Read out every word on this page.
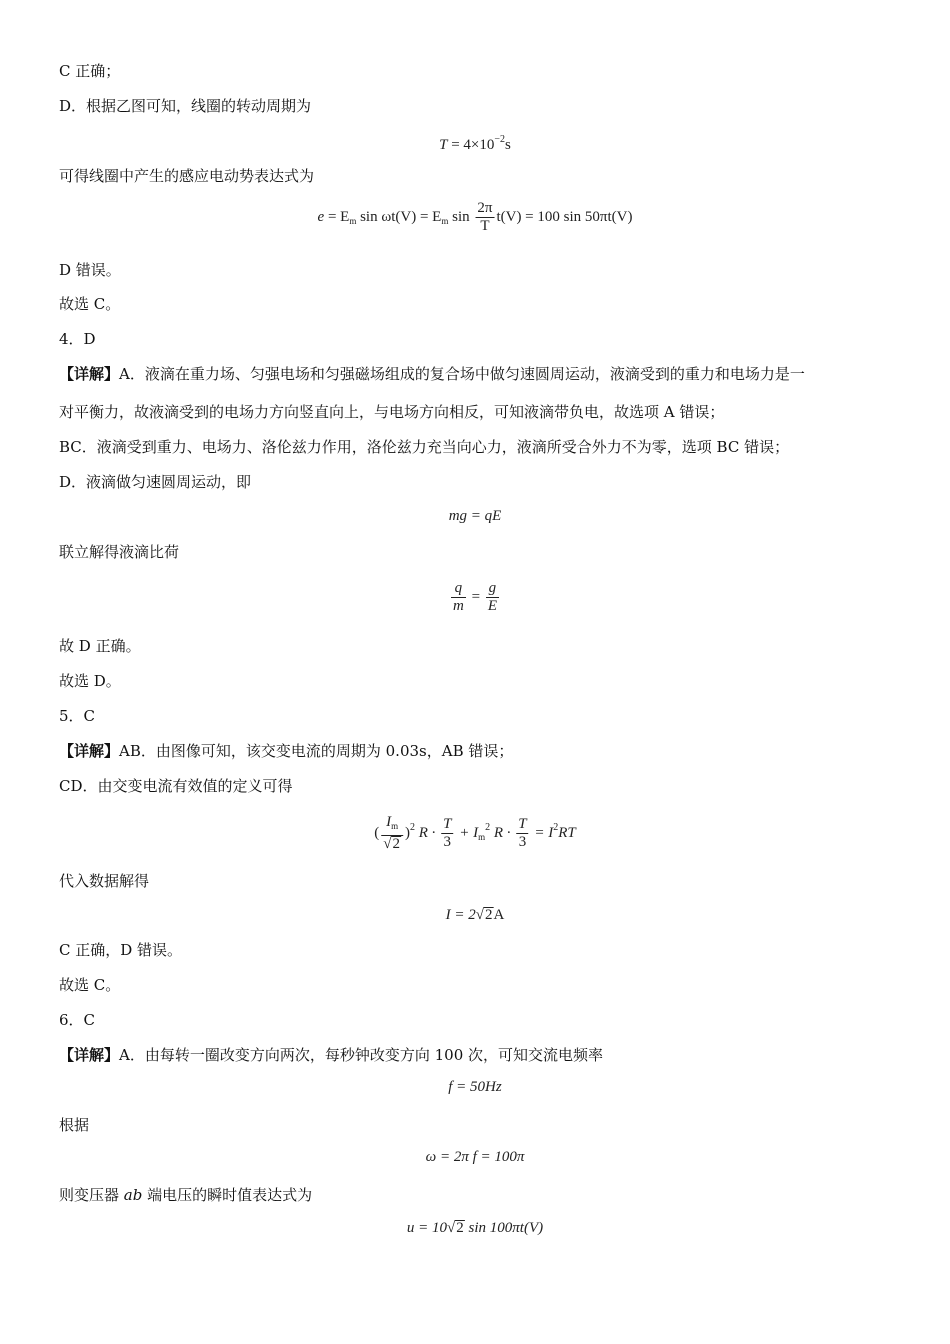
C 正确；
D．根据乙图可知，线圈的转动周期为
$T = 4\times 10^{-2}s$
可得线圈中产生的感应电动势表达式为
$e = E_m$ $\sin \omega t(V) = E_m$ $\sin \frac{2\pi}{T} t(V) = 100$ sin 50πt(V)
D 错误。
故选 C。
4．D
【详解】A．液滴在重力场、匀强电场和匀强磁场组成的复合场中做匀速圆周运动，液滴受到的重力和电场力是一
对平衡力，故液滴受到的电场力方向竖直向上，与电场方向相反，可知液滴带负电，故选项 A 错误；
BC．液滴受到重力、电场力、洛伦兹力作用，洛伦兹力充当向心力，液滴所受合外力不为零，选项 BC 错误；
D．液滴做匀速圆周运动，即
mg = qE
联立解得液滴比荷
$\frac{q}{m} = \frac{g}{E}$
故 D 正确。
故选 D。
5．C
【详解】AB．由图像可知，该交变电流的周期为 0.03s，AB 错误；
CD．由交变电流有效值的定义可得
( $\frac{I_m}{√2} )^2$ $R \cdot \frac{T}{3} + I_m^2$ $R \cdot \frac{T}{3} = I^2RT$
代入数据解得
I = 2√2A
C 正确，D 错误。
故选 C。
6．C
【详解】A．由每转一圈改变方向两次，每秒钟改变方向 100 次，可知交流电频率
f = 50Hz
根据
ω = 2π f = 100π
则变压器 ab 端电压的瞬时值表达式为
u = 10√2 sin 100πt(V)
